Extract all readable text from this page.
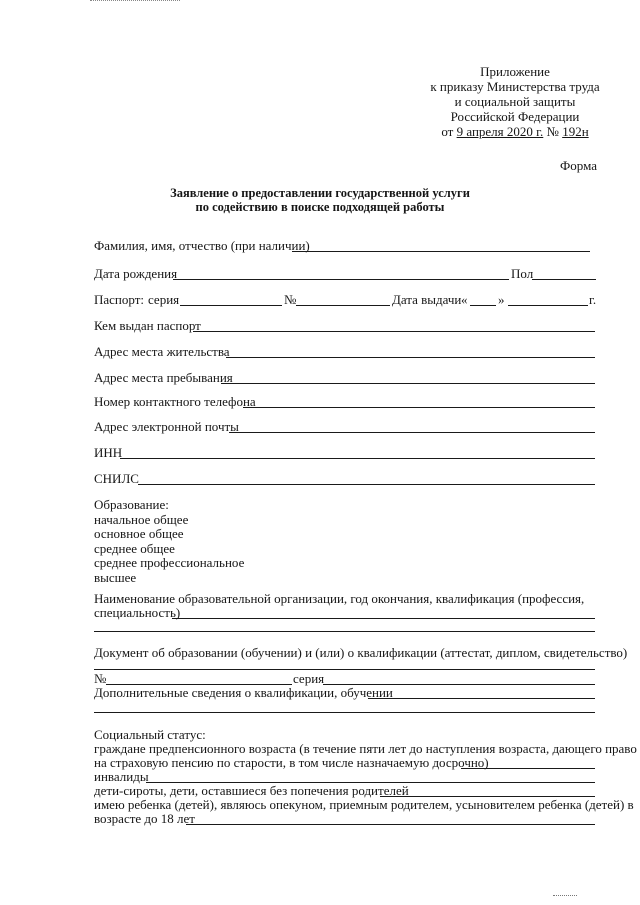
Приложение
к приказу Министерства труда
и социальной защиты
Российской Федерации
от 9 апреля 2020 г. № 192н
Форма
Заявление о предоставлении государственной услуги
по содействию в поиске подходящей работы
Фамилия, имя, отчество (при наличии)
Дата рождения	Пол
Паспорт: серия	№	Дата выдачи « »	г.
Кем выдан паспорт
Адрес места жительства
Адрес места пребывания
Номер контактного телефона
Адрес электронной почты
ИНН
СНИЛС
Образование:
начальное общее
основное общее
среднее общее
среднее профессиональное
высшее
Наименование образовательной организации, год окончания, квалификация (профессия,
специальность)
Документ об образовании (обучении) и (или) о квалификации (аттестат, диплом, свидетельство)
№	серия
Дополнительные сведения о квалификации, обучении
Социальный статус:
граждане предпенсионного возраста (в течение пяти лет до наступления возраста, дающего право
на страховую пенсию по старости, в том числе назначаемую досрочно)
инвалиды
дети-сироты, дети, оставшиеся без попечения родителей
имею ребенка (детей), являюсь опекуном, приемным родителем, усыновителем ребенка (детей) в
возрасте до 18 лет
